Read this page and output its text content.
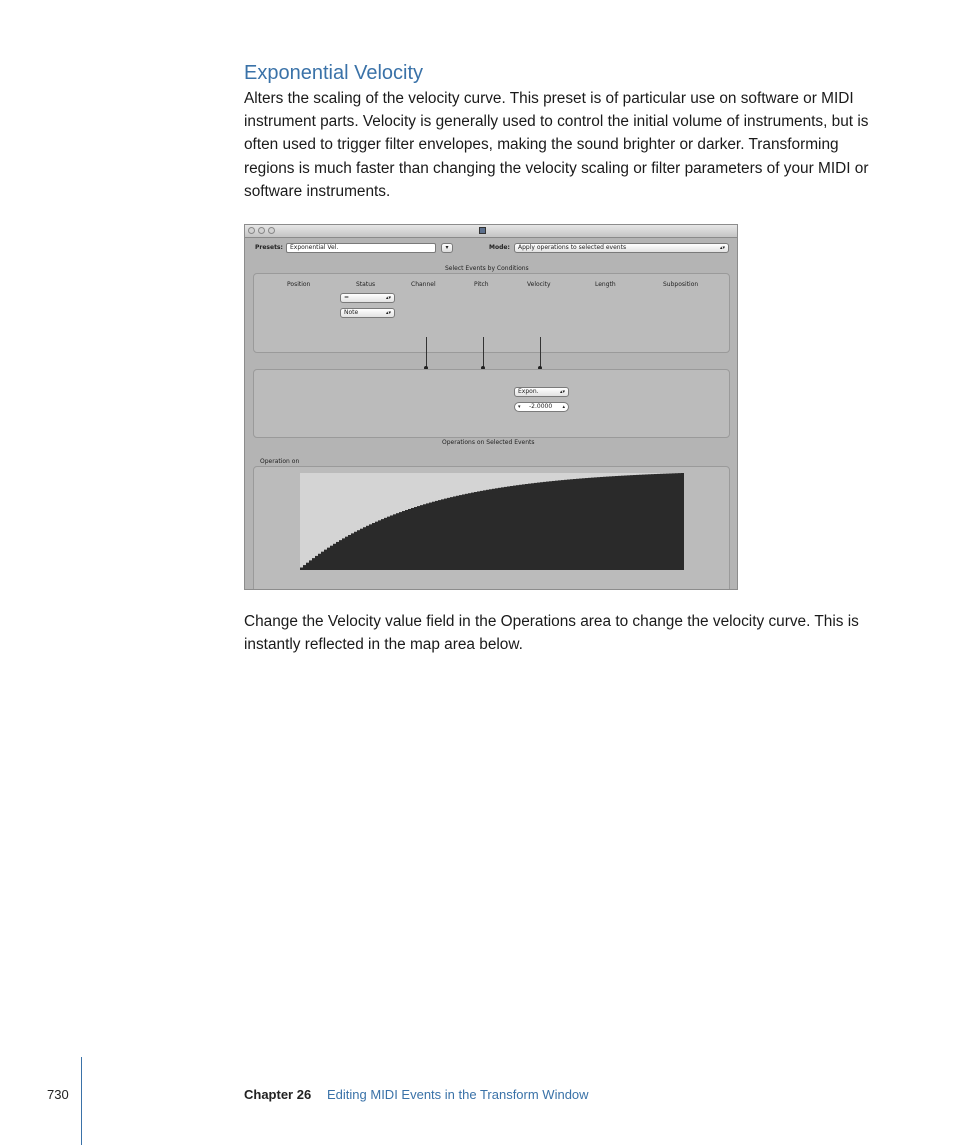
Exponential Velocity

Alters the scaling of the velocity curve. This preset is of particular use on software or MIDI instrument parts. Velocity is generally used to control the initial volume of instruments, but is often used to trigger filter envelopes, making the sound brighter or darker. Transforming regions is much faster than changing the velocity scaling or filter parameters of your MIDI or software instruments.

Presets:	Exponential Vel.	▾	Mode:	Apply operations to selected events	▴▾
Select Events by Conditions
Position	Status	Channel	Pitch	Velocity	Length	Subposition
=	▴▾
Note	▴▾
Expon.	▴▾
▾ -2.0000 ▴
Operations on Selected Events
Operation on

Change the Velocity value field in the Operations area to change the velocity curve. This is instantly reflected in the map area below.

730	Chapter 26 Editing MIDI Events in the Transform Window
